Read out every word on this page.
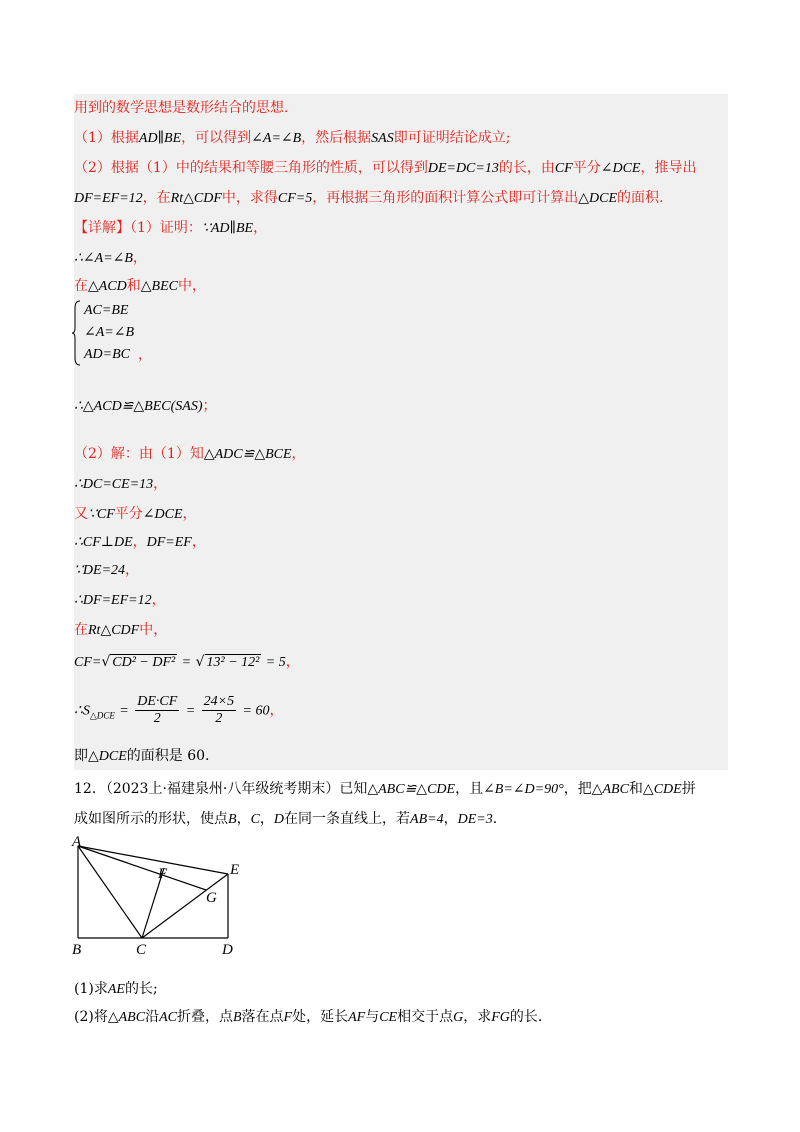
用到的数学思想是数形结合的思想.
（1）根据AD∥BE，可以得到∠A=∠B，然后根据SAS即可证明结论成立;
（2）根据（1）中的结果和等腰三角形的性质，可以得到DE=DC=13的长，由CF平分∠DCE，推导出
DF=EF=12，在Rt△CDF中，求得CF=5，再根据三角形的面积计算公式即可计算出△DCE的面积.
【详解】（1）证明：∵AD∥BE，
∴∠A=∠B，
在△ACD和△BEC中，
AC=BE
∠A=∠B
AD=BC ，
∴△ACD≌△BEC(SAS)；
（2）解：由（1）知△ADC≌△BCE，
∴DC=CE=13，
又∵CF平分∠DCE，
∴CF⊥DE，DF=EF，
∵DE=24，
∴DF=EF=12，
在Rt△CDF中，
CF=√ CD² − DF² = √ 13² − 12² = 5，
$\therefore S_{\triangle DCE} = \frac{DE\cdot CF}{2} = \frac{24\times 5}{2} = 60$，
即△DCE的面积是 60.
12．（2023上·福建泉州·八年级统考期末）已知△ABC≌△CDE，且∠B=∠D=90°，把△ABC和△CDE拼
成如图所示的形状，使点B，C，D在同一条直线上，若AB=4，DE=3.
A
B	C	D
E
F
G
(1)求AE的长;
(2)将△ABC沿AC折叠，点B落在点F处，延长AF与CE相交于点G，求FG的长.
